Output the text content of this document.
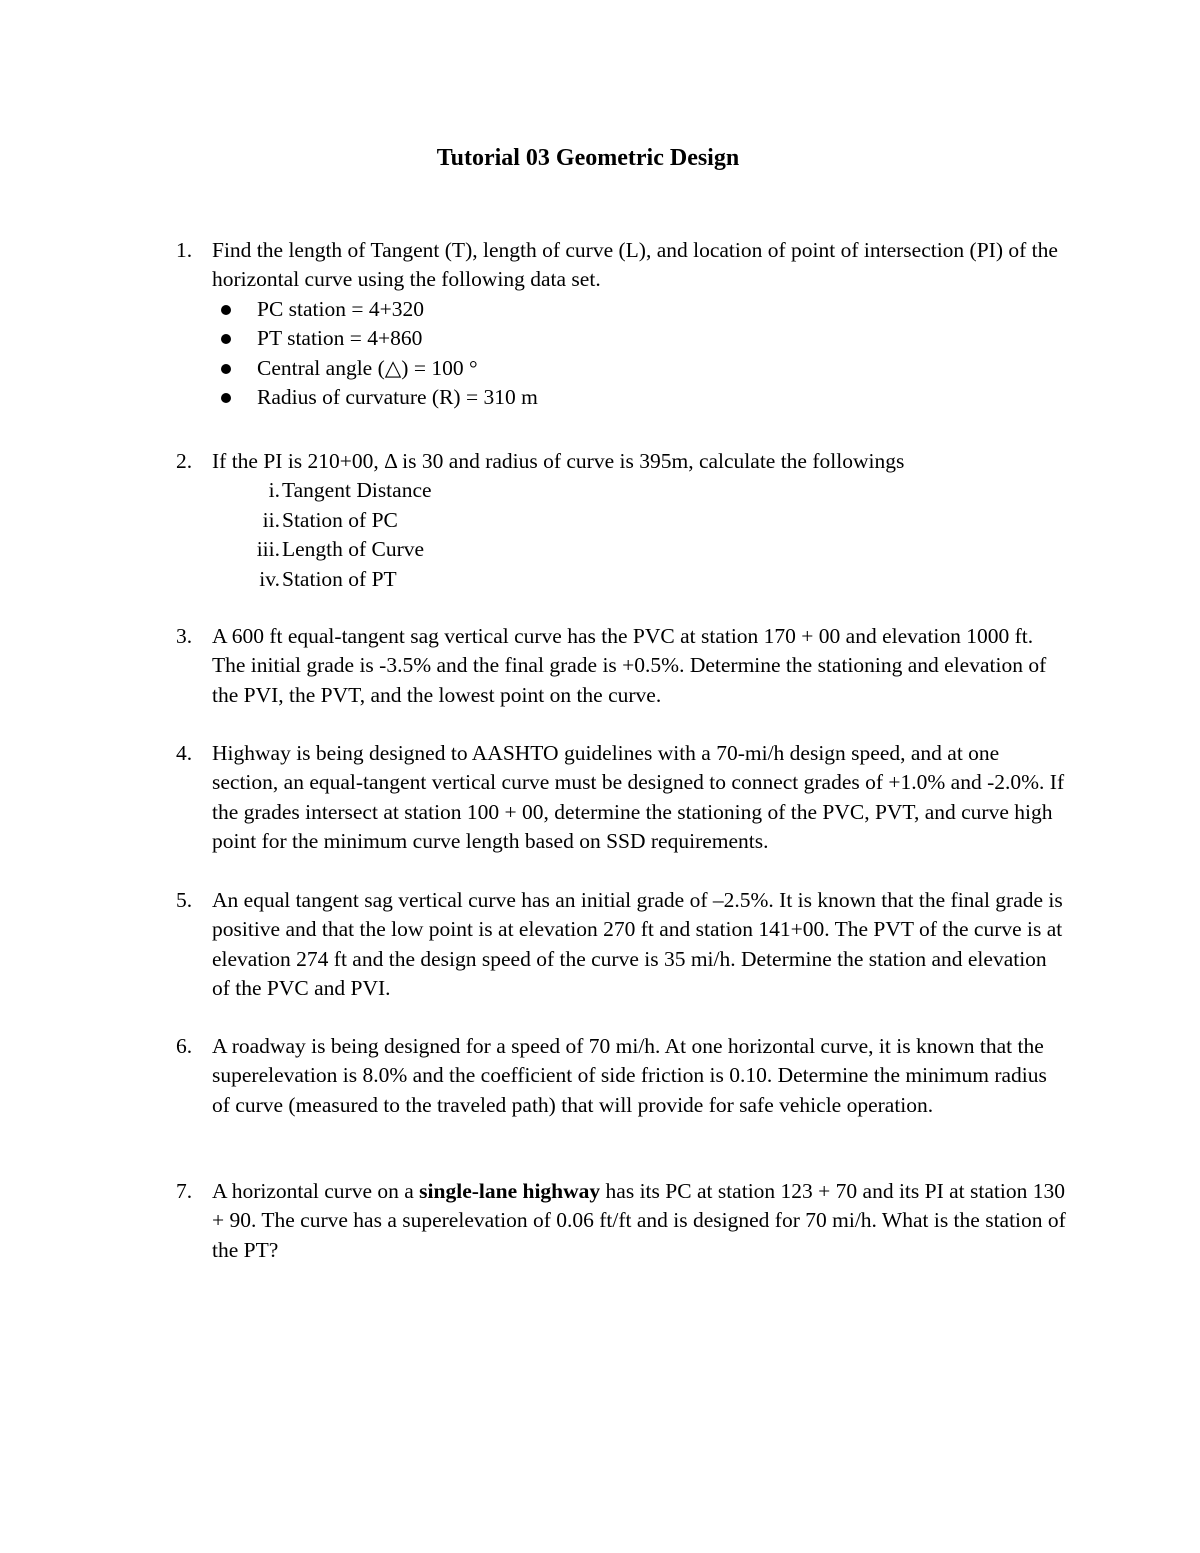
Tutorial 03 Geometric Design
1. Find the length of Tangent (T), length of curve (L), and location of point of intersection (PI) of the horizontal curve using the following data set.
PC station = 4+320
PT station = 4+860
Central angle (△) = 100 °
Radius of curvature (R) = 310 m
2. If the PI is 210+00, Δ is 30 and radius of curve is 395m, calculate the followings
i. Tangent Distance
ii. Station of PC
iii. Length of Curve
iv. Station of PT
3. A 600 ft equal-tangent sag vertical curve has the PVC at station 170 + 00 and elevation 1000 ft. The initial grade is -3.5% and the final grade is +0.5%. Determine the stationing and elevation of the PVI, the PVT, and the lowest point on the curve.
4. Highway is being designed to AASHTO guidelines with a 70-mi/h design speed, and at one section, an equal-tangent vertical curve must be designed to connect grades of +1.0% and -2.0%. If the grades intersect at station 100 + 00, determine the stationing of the PVC, PVT, and curve high point for the minimum curve length based on SSD requirements.
5. An equal tangent sag vertical curve has an initial grade of –2.5%. It is known that the final grade is positive and that the low point is at elevation 270 ft and station 141+00. The PVT of the curve is at elevation 274 ft and the design speed of the curve is 35 mi/h. Determine the station and elevation of the PVC and PVI.
6. A roadway is being designed for a speed of 70 mi/h. At one horizontal curve, it is known that the superelevation is 8.0% and the coefficient of side friction is 0.10. Determine the minimum radius of curve (measured to the traveled path) that will provide for safe vehicle operation.
7. A horizontal curve on a single-lane highway has its PC at station 123 + 70 and its PI at station 130 + 90. The curve has a superelevation of 0.06 ft/ft and is designed for 70 mi/h. What is the station of the PT?
